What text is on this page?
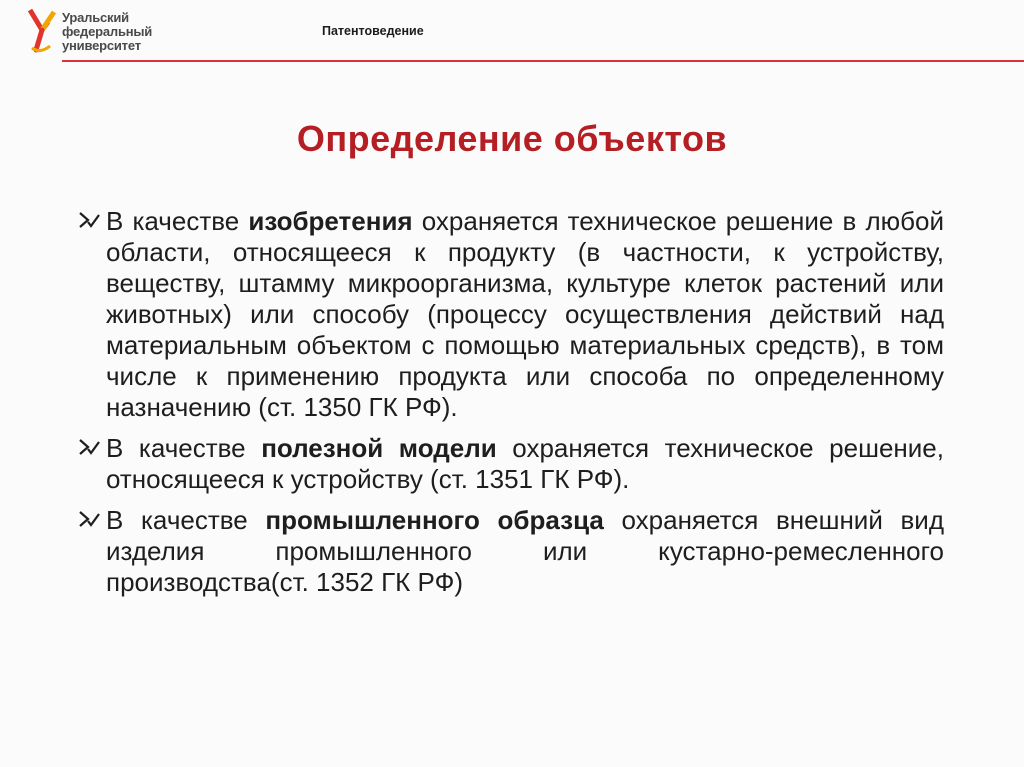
Уральский
федеральный
университет
Патентоведение
Определение объектов
В качестве изобретения охраняется техническое решение в любой области, относящееся к продукту (в частности, к устройству, веществу, штамму микроорганизма, культуре клеток растений или животных) или способу (процессу осуществления действий над материальным объектом с помощью материальных средств), в том числе к применению продукта или способа по определенному назначению (ст. 1350 ГК РФ).
В качестве полезной модели охраняется техническое решение, относящееся к устройству (ст. 1351 ГК РФ).
В качестве промышленного образца охраняется внешний вид изделия промышленного или кустарно-ремесленного производства(ст. 1352 ГК РФ)
